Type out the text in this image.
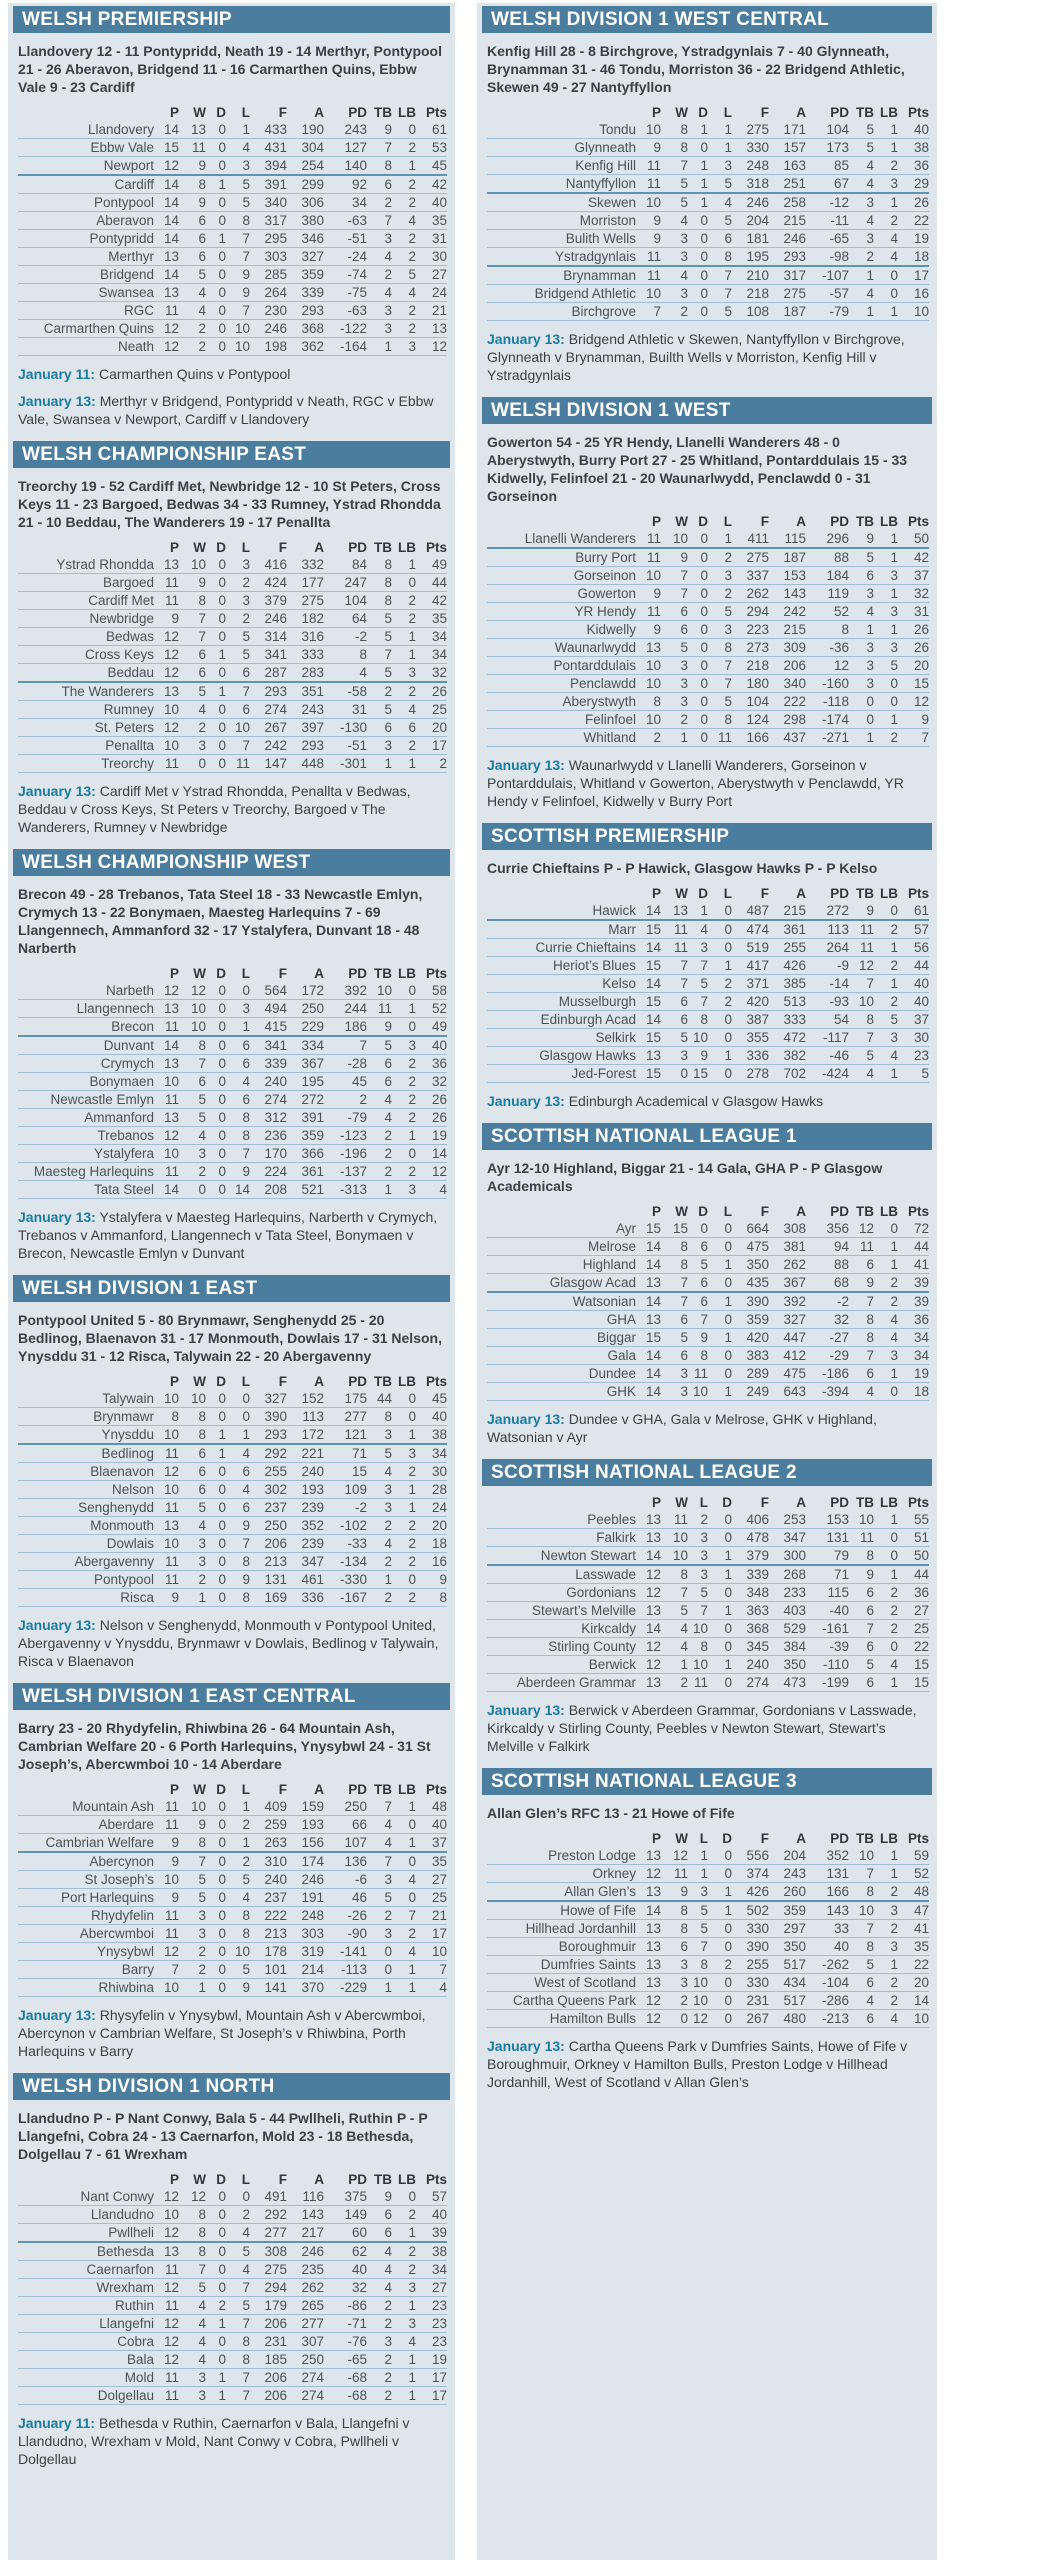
WELSH PREMIERSHIP

Llandovery 12 - 11 Pontypridd, Neath 19 - 14 Merthyr, Pontypool 21 - 26 Aberavon, Bridgend 11 - 16 Carmarthen Quins, Ebbw Vale 9 - 23 Cardiff

	P	W	D	L	F	A	PD	TB	LB	Pts
Llandovery	14	13	0	1	433	190	243	9	0	61
Ebbw Vale	15	11	0	4	431	304	127	7	2	53
Newport	12	9	0	3	394	254	140	8	1	45
Cardiff	14	8	1	5	391	299	92	6	2	42
Pontypool	14	9	0	5	340	306	34	2	2	40
Aberavon	14	6	0	8	317	380	-63	7	4	35
Pontypridd	14	6	1	7	295	346	-51	3	2	31
Merthyr	13	6	0	7	303	327	-24	4	2	30
Bridgend	14	5	0	9	285	359	-74	2	5	27
Swansea	13	4	0	9	264	339	-75	4	4	24
RGC	11	4	0	7	230	293	-63	3	2	21
Carmarthen Quins	12	2	0	10	246	368	-122	3	2	13
Neath	12	2	0	10	198	362	-164	1	3	12

January 11: Carmarthen Quins v Pontypool

January 13: Merthyr v Bridgend, Pontypridd v Neath, RGC v Ebbw Vale, Swansea v Newport, Cardiff v Llandovery

WELSH CHAMPIONSHIP EAST

Treorchy 19 - 52 Cardiff Met, Newbridge 12 - 10 St Peters, Cross Keys 11 - 23 Bargoed, Bedwas 34 - 33 Rumney, Ystrad Rhondda 21 - 10 Beddau, The Wanderers 19 - 17 Penallta

	P	W	D	L	F	A	PD	TB	LB	Pts
Ystrad Rhondda	13	10	0	3	416	332	84	8	1	49
Bargoed	11	9	0	2	424	177	247	8	0	44
Cardiff Met	11	8	0	3	379	275	104	8	2	42
Newbridge	9	7	0	2	246	182	64	5	2	35
Bedwas	12	7	0	5	314	316	-2	5	1	34
Cross Keys	12	6	1	5	341	333	8	7	1	34
Beddau	12	6	0	6	287	283	4	5	3	32
The Wanderers	13	5	1	7	293	351	-58	2	2	26
Rumney	10	4	0	6	274	243	31	5	4	25
St. Peters	12	2	0	10	267	397	-130	6	6	20
Penallta	10	3	0	7	242	293	-51	3	2	17
Treorchy	11	0	0	11	147	448	-301	1	1	2

January 13: Cardiff Met v Ystrad Rhondda, Penallta v Bedwas, Beddau v Cross Keys, St Peters v Treorchy, Bargoed v The Wanderers, Rumney v Newbridge

WELSH CHAMPIONSHIP WEST

Brecon 49 - 28 Trebanos, Tata Steel 18 - 33 Newcastle Emlyn, Crymych 13 - 22 Bonymaen, Maesteg Harlequins 7 - 69 Llangennech, Ammanford 32 - 17 Ystalyfera, Dunvant 18 - 48 Narberth

	P	W	D	L	F	A	PD	TB	LB	Pts
Narbeth	12	12	0	0	564	172	392	10	0	58
Llangennech	13	10	0	3	494	250	244	11	1	52
Brecon	11	10	0	1	415	229	186	9	0	49
Dunvant	14	8	0	6	341	334	7	5	3	40
Crymych	13	7	0	6	339	367	-28	6	2	36
Bonymaen	10	6	0	4	240	195	45	6	2	32
Newcastle Emlyn	11	5	0	6	274	272	2	4	2	26
Ammanford	13	5	0	8	312	391	-79	4	2	26
Trebanos	12	4	0	8	236	359	-123	2	1	19
Ystalyfera	10	3	0	7	170	366	-196	2	0	14
Maesteg Harlequins	11	2	0	9	224	361	-137	2	2	12
Tata Steel	14	0	0	14	208	521	-313	1	3	4

January 13: Ystalyfera v Maesteg Harlequins, Narberth v Crymych, Trebanos v Ammanford, Llangennech v Tata Steel, Bonymaen v Brecon, Newcastle Emlyn v Dunvant

WELSH DIVISION 1 EAST

Pontypool United 5 - 80 Brynmawr, Senghenydd 25 - 20 Bedlinog, Blaenavon 31 - 17 Monmouth, Dowlais 17 - 31 Nelson, Ynysddu 31 - 12 Risca, Talywain 22 - 20 Abergavenny

	P	W	D	L	F	A	PD	TB	LB	Pts
Talywain	10	10	0	0	327	152	175	44	0	45
Brynmawr	8	8	0	0	390	113	277	8	0	40
Ynysddu	10	8	1	1	293	172	121	3	1	38
Bedlinog	11	6	1	4	292	221	71	5	3	34
Blaenavon	12	6	0	6	255	240	15	4	2	30
Nelson	10	6	0	4	302	193	109	3	1	28
Senghenydd	11	5	0	6	237	239	-2	3	1	24
Monmouth	13	4	0	9	250	352	-102	2	2	20
Dowlais	10	3	0	7	206	239	-33	4	2	18
Abergavenny	11	3	0	8	213	347	-134	2	2	16
Pontypool	11	2	0	9	131	461	-330	1	0	9
Risca	9	1	0	8	169	336	-167	2	2	8

January 13: Nelson v Senghenydd, Monmouth v Pontypool United, Abergavenny v Ynysddu, Brynmawr v Dowlais, Bedlinog v Talywain, Risca v Blaenavon

WELSH DIVISION 1 EAST CENTRAL

Barry 23 - 20 Rhydyfelin, Rhiwbina 26 - 64 Mountain Ash, Cambrian Welfare 20 - 6 Porth Harlequins, Ynysybwl 24 - 31 St Joseph’s, Abercwmboi 10 - 14 Aberdare

	P	W	D	L	F	A	PD	TB	LB	Pts
Mountain Ash	11	10	0	1	409	159	250	7	1	48
Aberdare	11	9	0	2	259	193	66	4	0	40
Cambrian Welfare	9	8	0	1	263	156	107	4	1	37
Abercynon	9	7	0	2	310	174	136	7	0	35
St Joseph’s	10	5	0	5	240	246	-6	3	4	27
Port Harlequins	9	5	0	4	237	191	46	5	0	25
Rhydyfelin	11	3	0	8	222	248	-26	2	7	21
Abercwmboi	11	3	0	8	213	303	-90	3	2	17
Ynysybwl	12	2	0	10	178	319	-141	0	4	10
Barry	7	2	0	5	101	214	-113	0	1	7
Rhiwbina	10	1	0	9	141	370	-229	1	1	4

January 13: Rhysyfelin v Ynysybwl, Mountain Ash v Abercwmboi, Abercynon v Cambrian Welfare, St Joseph’s v Rhiwbina, Porth Harlequins v Barry

WELSH DIVISION 1 NORTH

Llandudno P - P Nant Conwy, Bala 5 - 44 Pwllheli, Ruthin P - P Llangefni, Cobra 24 - 13 Caernarfon, Mold 23 - 18 Bethesda, Dolgellau 7 - 61 Wrexham

	P	W	D	L	F	A	PD	TB	LB	Pts
Nant Conwy	12	12	0	0	491	116	375	9	0	57
Llandudno	10	8	0	2	292	143	149	6	2	40
Pwllheli	12	8	0	4	277	217	60	6	1	39
Bethesda	13	8	0	5	308	246	62	4	2	38
Caernarfon	11	7	0	4	275	235	40	4	2	34
Wrexham	12	5	0	7	294	262	32	4	3	27
Ruthin	11	4	2	5	179	265	-86	2	1	23
Llangefni	12	4	1	7	206	277	-71	2	3	23
Cobra	12	4	0	8	231	307	-76	3	4	23
Bala	12	4	0	8	185	250	-65	2	1	19
Mold	11	3	1	7	206	274	-68	2	1	17
Dolgellau	11	3	1	7	206	274	-68	2	1	17

January 11: Bethesda v Ruthin, Caernarfon v Bala, Llangefni v Llandudno, Wrexham v Mold, Nant Conwy v Cobra, Pwllheli v Dolgellau

WELSH DIVISION 1 WEST CENTRAL

Kenfig Hill 28 - 8 Birchgrove, Ystradgynlais 7 - 40 Glynneath, Brynamman 31 - 46 Tondu, Morriston 36 - 22 Bridgend Athletic, Skewen 49 - 27 Nantyffyllon

	P	W	D	L	F	A	PD	TB	LB	Pts
Tondu	10	8	1	1	275	171	104	5	1	40
Glynneath	9	8	0	1	330	157	173	5	1	38
Kenfig Hill	11	7	1	3	248	163	85	4	2	36
Nantyffyllon	11	5	1	5	318	251	67	4	3	29
Skewen	10	5	1	4	246	258	-12	3	1	26
Morriston	9	4	0	5	204	215	-11	4	2	22
Bulith Wells	9	3	0	6	181	246	-65	3	4	19
Ystradgynlais	11	3	0	8	195	293	-98	2	4	18
Brynamman	11	4	0	7	210	317	-107	1	0	17
Bridgend Athletic	10	3	0	7	218	275	-57	4	0	16
Birchgrove	7	2	0	5	108	187	-79	1	1	10

January 13: Bridgend Athletic v Skewen, Nantyffyllon v Birchgrove, Glynneath v Brynamman, Builth Wells v Morriston, Kenfig Hill v Ystradgynlais

WELSH DIVISION 1 WEST

Gowerton 54 - 25 YR Hendy, Llanelli Wanderers 48 - 0 Aberystwyth, Burry Port 27 - 25 Whitland, Pontarddulais 15 - 33 Kidwelly, Felinfoel 21 - 20 Waunarlwydd, Penclawdd 0 - 31 Gorseinon

	P	W	D	L	F	A	PD	TB	LB	Pts
Llanelli Wanderers	11	10	0	1	411	115	296	9	1	50
Burry Port	11	9	0	2	275	187	88	5	1	42
Gorseinon	10	7	0	3	337	153	184	6	3	37
Gowerton	9	7	0	2	262	143	119	3	1	32
YR Hendy	11	6	0	5	294	242	52	4	3	31
Kidwelly	9	6	0	3	223	215	8	1	1	26
Waunarlwydd	13	5	0	8	273	309	-36	3	3	26
Pontarddulais	10	3	0	7	218	206	12	3	5	20
Penclawdd	10	3	0	7	180	340	-160	3	0	15
Aberystwyth	8	3	0	5	104	222	-118	0	0	12
Felinfoel	10	2	0	8	124	298	-174	0	1	9
Whitland	2	1	0	11	166	437	-271	1	2	7

January 13: Waunarlwydd v Llanelli Wanderers, Gorseinon v Pontarddulais, Whitland v Gowerton, Aberystwyth v Penclawdd, YR Hendy v Felinfoel, Kidwelly v Burry Port

SCOTTISH PREMIERSHIP

Currie Chieftains P - P Hawick, Glasgow Hawks P - P Kelso

	P	W	D	L	F	A	PD	TB	LB	Pts
Hawick	14	13	1	0	487	215	272	9	0	61
Marr	15	11	4	0	474	361	113	11	2	57
Currie Chieftains	14	11	3	0	519	255	264	11	1	56
Heriot’s Blues	15	7	7	1	417	426	-9	12	2	44
Kelso	14	7	5	2	371	385	-14	7	1	40
Musselburgh	15	6	7	2	420	513	-93	10	2	40
Edinburgh Acad	14	6	8	0	387	333	54	8	5	37
Selkirk	15	5	10	0	355	472	-117	7	3	30
Glasgow Hawks	13	3	9	1	336	382	-46	5	4	23
Jed-Forest	15	0	15	0	278	702	-424	4	1	5

January 13: Edinburgh Academical v Glasgow Hawks

SCOTTISH NATIONAL LEAGUE 1

Ayr 12-10 Highland, Biggar 21 - 14 Gala, GHA P - P Glasgow Academicals

	P	W	D	L	F	A	PD	TB	LB	Pts
Ayr	15	15	0	0	664	308	356	12	0	72
Melrose	14	8	6	0	475	381	94	11	1	44
Highland	14	8	5	1	350	262	88	6	1	41
Glasgow Acad	13	7	6	0	435	367	68	9	2	39
Watsonian	14	7	6	1	390	392	-2	7	2	39
GHA	13	6	7	0	359	327	32	8	4	36
Biggar	15	5	9	1	420	447	-27	8	4	34
Gala	14	6	8	0	383	412	-29	7	3	34
Dundee	14	3	11	0	289	475	-186	6	1	19
GHK	14	3	10	1	249	643	-394	4	0	18

January 13: Dundee v GHA, Gala v Melrose, GHK v Highland, Watsonian v Ayr

SCOTTISH NATIONAL LEAGUE 2
	P	W	L	D	F	A	PD	TB	LB	Pts
Peebles	13	11	2	0	406	253	153	10	1	55
Falkirk	13	10	3	0	478	347	131	11	0	51
Newton Stewart	14	10	3	1	379	300	79	8	0	50
Lasswade	12	8	3	1	339	268	71	9	1	44
Gordonians	12	7	5	0	348	233	115	6	2	36
Stewart’s Melville	13	5	7	1	363	403	-40	6	2	27
Kirkcaldy	14	4	10	0	368	529	-161	7	2	25
Stirling County	12	4	8	0	345	384	-39	6	0	22
Berwick	12	1	10	1	240	350	-110	5	4	15
Aberdeen Grammar	13	2	11	0	274	473	-199	6	1	15

January 13: Berwick v Aberdeen Grammar, Gordonians v Lasswade, Kirkcaldy v Stirling County, Peebles v Newton Stewart, Stewart’s Melville v Falkirk

SCOTTISH NATIONAL LEAGUE 3

Allan Glen’s RFC 13 - 21 Howe of Fife

	P	W	L	D	F	A	PD	TB	LB	Pts
Preston Lodge	13	12	1	0	556	204	352	10	1	59
Orkney	12	11	1	0	374	243	131	7	1	52
Allan Glen’s	13	9	3	1	426	260	166	8	2	48
Howe of Fife	14	8	5	1	502	359	143	10	3	47
Hillhead Jordanhill	13	8	5	0	330	297	33	7	2	41
Boroughmuir	13	6	7	0	390	350	40	8	3	35
Dumfries Saints	13	3	8	2	255	517	-262	5	1	22
West of Scotland	13	3	10	0	330	434	-104	6	2	20
Cartha Queens Park	12	2	10	0	231	517	-286	4	2	14
Hamilton Bulls	12	0	12	0	267	480	-213	6	4	10

January 13: Cartha Queens Park v Dumfries Saints, Howe of Fife v Boroughmuir, Orkney v Hamilton Bulls, Preston Lodge v Hillhead Jordanhill, West of Scotland v Allan Glen’s
